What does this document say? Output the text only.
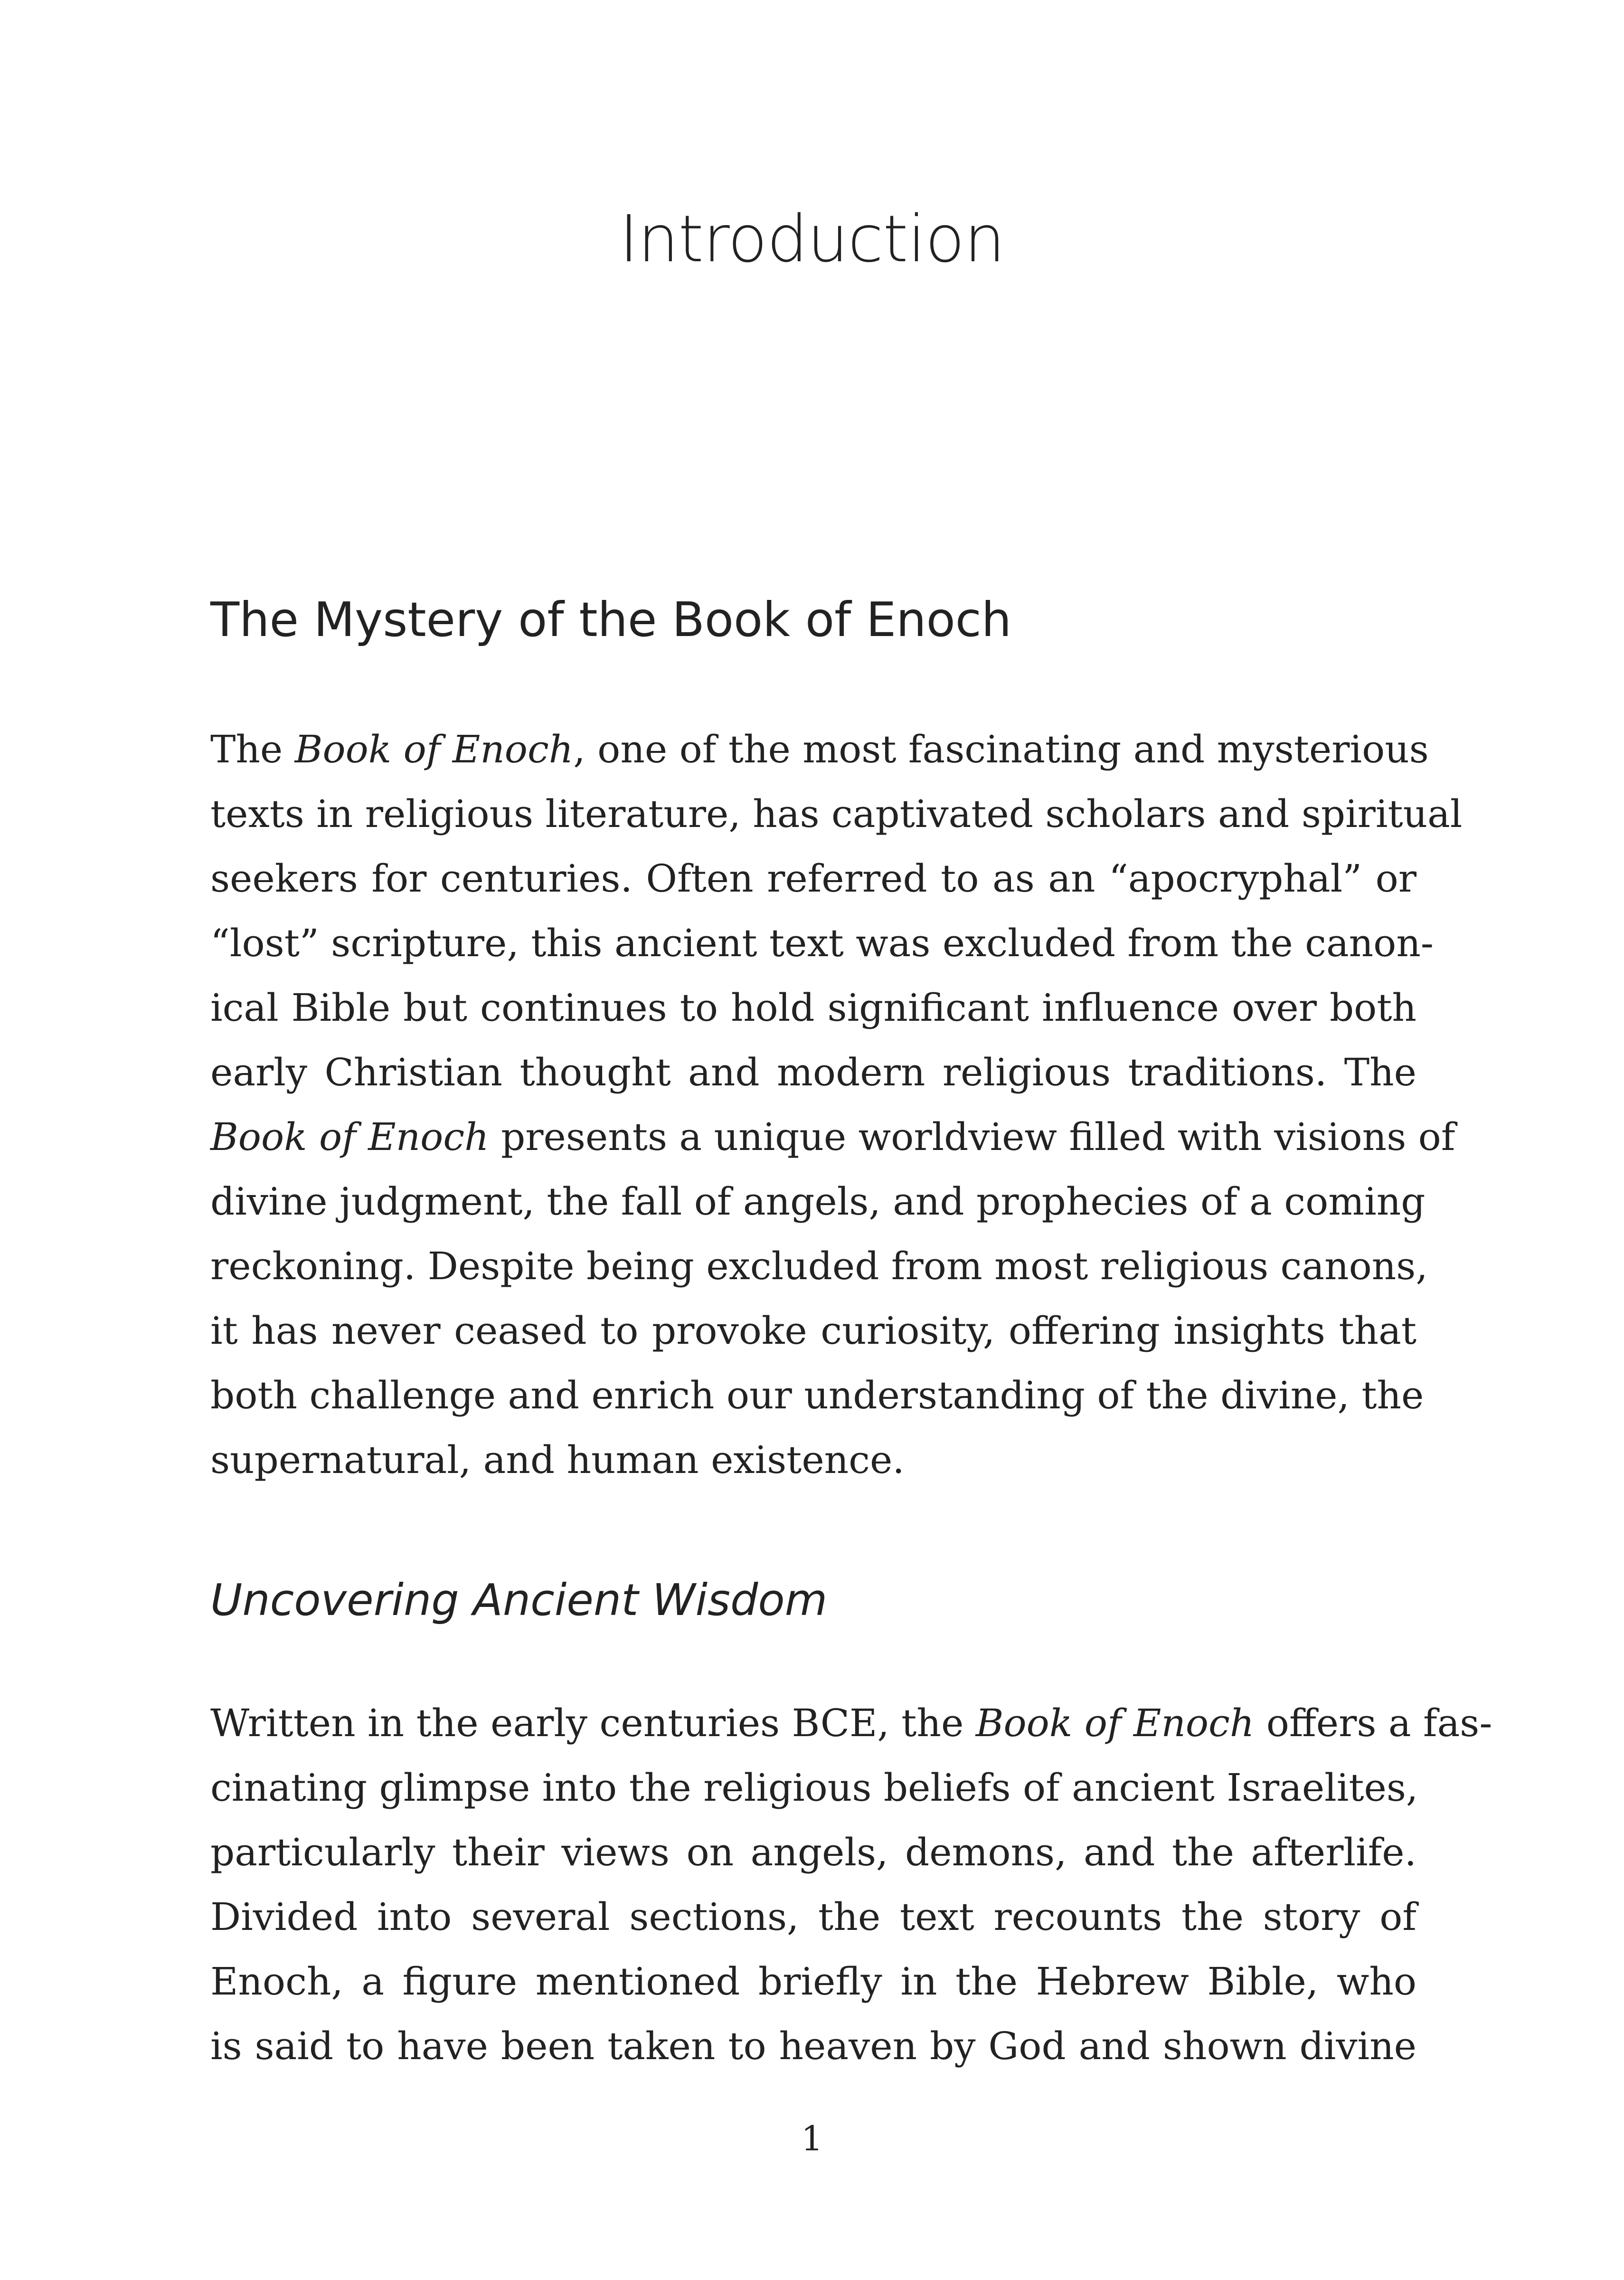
Introduction
The Mystery of the Book of Enoch
The Book of Enoch, one of the most fascinating and mysterious
texts in religious literature, has captivated scholars and spiritual
seekers for centuries. Often referred to as an “apocryphal” or
“lost” scripture, this ancient text was excluded from the canon-
ical Bible but continues to hold significant influence over both
early Christian thought and modern religious traditions. The
Book of Enoch presents a unique worldview filled with visions of
divine judgment, the fall of angels, and prophecies of a coming
reckoning. Despite being excluded from most religious canons,
it has never ceased to provoke curiosity, offering insights that
both challenge and enrich our understanding of the divine, the
supernatural, and human existence.
Uncovering Ancient Wisdom
Written in the early centuries BCE, the Book of Enoch offers a fas-
cinating glimpse into the religious beliefs of ancient Israelites,
particularly their views on angels, demons, and the afterlife.
Divided into several sections, the text recounts the story of
Enoch, a figure mentioned briefly in the Hebrew Bible, who
is said to have been taken to heaven by God and shown divine
1
